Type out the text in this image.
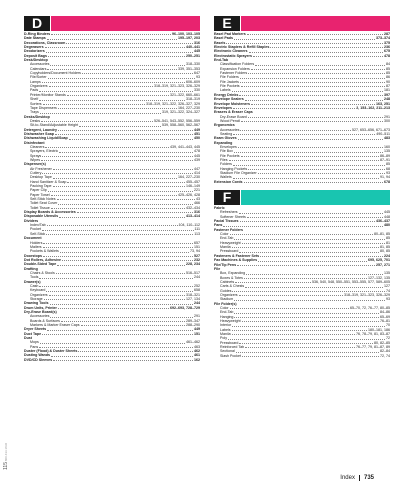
115 800.433.1836
D
D-Ring Binders	96–100, 103–105
Date Stamps	195–197, 203
Decorations, Classroom	316
Degreasers	440–441
Deodorizers	445
Deposit Bags	250–251
Desk/Desktop
Accessories	318–330
Calendars	339, 351–353
Copyholders/Document Holders	647
File/Sorter	93
Lamps	606–609
Organizers	318–319, 321–323, 326–329
Pads	330
Printer/Monitor Stands	321–322, 660–661
Shelf	318–319
Sorters	318–319, 321–322, 326–327, 329
Tape Dispensers	164, 227–230
Trays	319, 321–322, 324–327
Desks/Desktop
Desks	526–541, 543–552, 556–559
Sit-to-Stand/Adjustable Height	539, 558–560, 562–567
Detergent, Laundry	449
Dishwasher Soap	451
Dishwashing Liquid/Soap	450
Disinfectant
Cleaners	439, 441–443, 445
Sprayers, Electric	478
Sprays	445
Wipes	439
Dispenser(s)
Air Freshener	447
Cutlery	414
Desktop Tape	164, 227–230
Hand Sanitizer & Soap	455–457
Packing Tape	146–149
Paper Clip	221
Paper Towel	425–426, 428
Self-Stick Notes	43
Toilet Seat Cover	466
Toilet Tissue	432–434
Display Boards & Accessories	316
Disposable Utensils	413–414
Dividers
Index/Tab	104, 110–112
Pocket	111
Self-Stick	113
Document
Holders	657
Mailers	151
Pockets & Wallets	73, 94
Doorstops	527
Dot Rollers, Adhesive	232
Double-Sided Tape	228, 234
Drafting
Chairs & Stools	516–517
Tools	244
Drawer(s)
Cash	252
Keyboard	658
Organizers	318–321
Storage	127, 134
Drawing Tools	244
Drum Units, Printer	692–693, 728–729
Dry-Erase Board(s)
Accessories	291
Boards & Surfaces	289–347
Markers & Marker Eraser Caps	288–290
Dryer Sheets	449
Duct Tape	151
Dust
Mops	461–462
Pans	463
Duster (Flood) & Duster Sheets	462
Dusting Wands	461
DVD/CD Sleeves	162
E
Easel Pad Markers	287
Easel Pads	373–374
Easels	375
Electric Staplers & Refill Staples	236
Electronic Cleaners	675
Electrostatic Sprayers	478
End-Tab
Classification Folders	84
Expansion Folders	85
Fastener Folders	85
File Folders	86
File Jackets	90
File Pockets	87
Labels	181
Energy Drinks	397
Envelope Sealers	248
Envelope Moisteners	163, 251
Envelopes	2, 153–162, 211–213
Erasers & Eraser Caps
Dry-Erase Board	291
Wood Pencil	300
Ergonomics
Accessories	527, 653–656, 671–673
Seating	490–511
Exam Gloves	483
Expanding
Envelopes	160
File Box	135
File Pockets	86–89
Files	87–91
Folders	85
Hanging Pockets	68
Stadium File Organizer	93
Wallets	91, 94
Extension Cords	678
F
Fabric
Refreshers	445
Softener Sheets	448
Facial Tissues	436–437
Fans	480
Fastener Folders
Color	80–81, 85
End-Tab	85
Heavyweight	81
Manila	81, 85
Pressboard	80, 85
Fasteners & Fastener Sets	224
Fax Machines & Supplies	695, 625, 701
File/Tip Pens	257, 271
File
Box, Expanding	135
Boxes & Totes	127–132, 135
Cabinets	536, 540, 548, 550–551, 553–555, 577, 589–605
Carts & Chests	127
Guides	74
Organizers	318–319, 321–323, 326–329
Stadium	93
File Folder(s)
Color	65–70, 72, 76–77, 80–85
End-Tab	84–86
Hanging	65–69
Heavyweight	76–81
Interior	70
Labels	180–181, 186
Manila	76, 78–79, 81, 83–87
Poly	72
Pressboard	80, 82–85
Reinforced Tab	76–77, 79, 81–87, 89
Sectional	82–84
Slash Pocket	72, 74
Index 735
